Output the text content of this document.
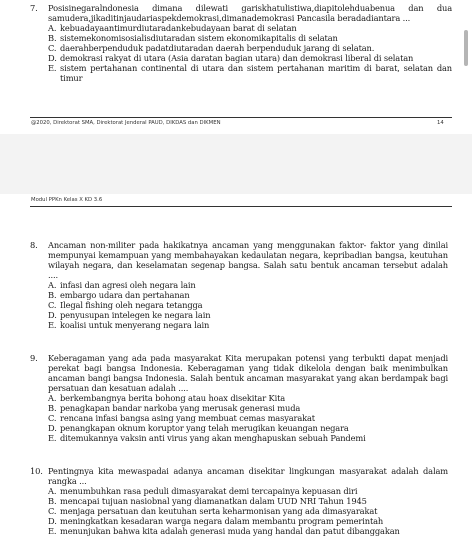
7. Posisinegaralndonesia dimana dilewati gariskhatulistiwa,diapitolehduabenua dan dua samudera,jikaditinjaudariaspekdemokrasi,dimanademokrasi Pancasila beradadiantara ...
A. kebuadayaantimurdiutaradankebudayaan barat di selatan
B. sistemekonomisosialisdiutaradan sistem ekonomikapitalis di selatan
C. daerahberpenduduk padatdiutaradan daerah berpenduduk jarang di selatan.
D. demokrasi rakyat di utara (Asia daratan bagian utara) dan demokrasi liberal di selatan
E. sistem pertahanan continental di utara dan sistem pertahanan maritim di barat, selatan dan timur
@2020, Direktorat SMA, Direktorat Jenderal PAUD, DIKDAS dan DIKMEN	14
Modul PPKn Kelas X KD 3.6
8. Ancaman non-militer pada hakikatnya ancaman yang menggunakan faktor- faktor yang dinilai mempunyai kemampuan yang membahayakan kedaulatan negara, kepribadian bangsa, keutuhan wilayah negara, dan keselamatan segenap bangsa. Salah satu bentuk ancaman tersebut adalah ....
A. infasi dan agresi oleh negara lain
B. embargo udara dan pertahanan
C. Ilegal fishing oleh negara tetangga
D. penyusupan intelegen ke negara lain
E. koalisi untuk menyerang negara lain
9. Keberagaman yang ada pada masyarakat Kita merupakan potensi yang terbukti dapat menjadi perekat bagi bangsa Indonesia. Keberagaman yang tidak dikelola dengan baik menimbulkan ancaman bangi bangsa Indonesia. Salah bentuk ancaman masyarakat yang akan berdampak bagi persatuan dan kesatuan adalah ....
A. berkembangnya berita bohong atau hoax disekitar Kita
B. penagkapan bandar narkoba yang merusak generasi muda
C. rencana infasi bangsa asing yang membuat cemas masyarakat
D. penangkapan oknum koruptor yang telah merugikan keuangan negara
E. ditemukannya vaksin anti virus yang akan menghapuskan sebuah Pandemi
10. Pentingnya kita mewaspadai adanya ancaman disekitar lingkungan masyarakat adalah dalam rangka ...
A. menumbuhkan rasa peduli dimasyarakat demi tercapainya kepuasan diri
B. mencapai tujuan nasiobnal yang diamanatkan dalam UUD NRI Tahun 1945
C. menjaga persatuan dan keutuhan serta keharmonisan yang ada dimasyarakat
D. meningkatkan kesadaran warga negara dalam membantu program pemerintah
E. menunjukan bahwa kita adalah generasi muda yang handal dan patut dibanggakan
